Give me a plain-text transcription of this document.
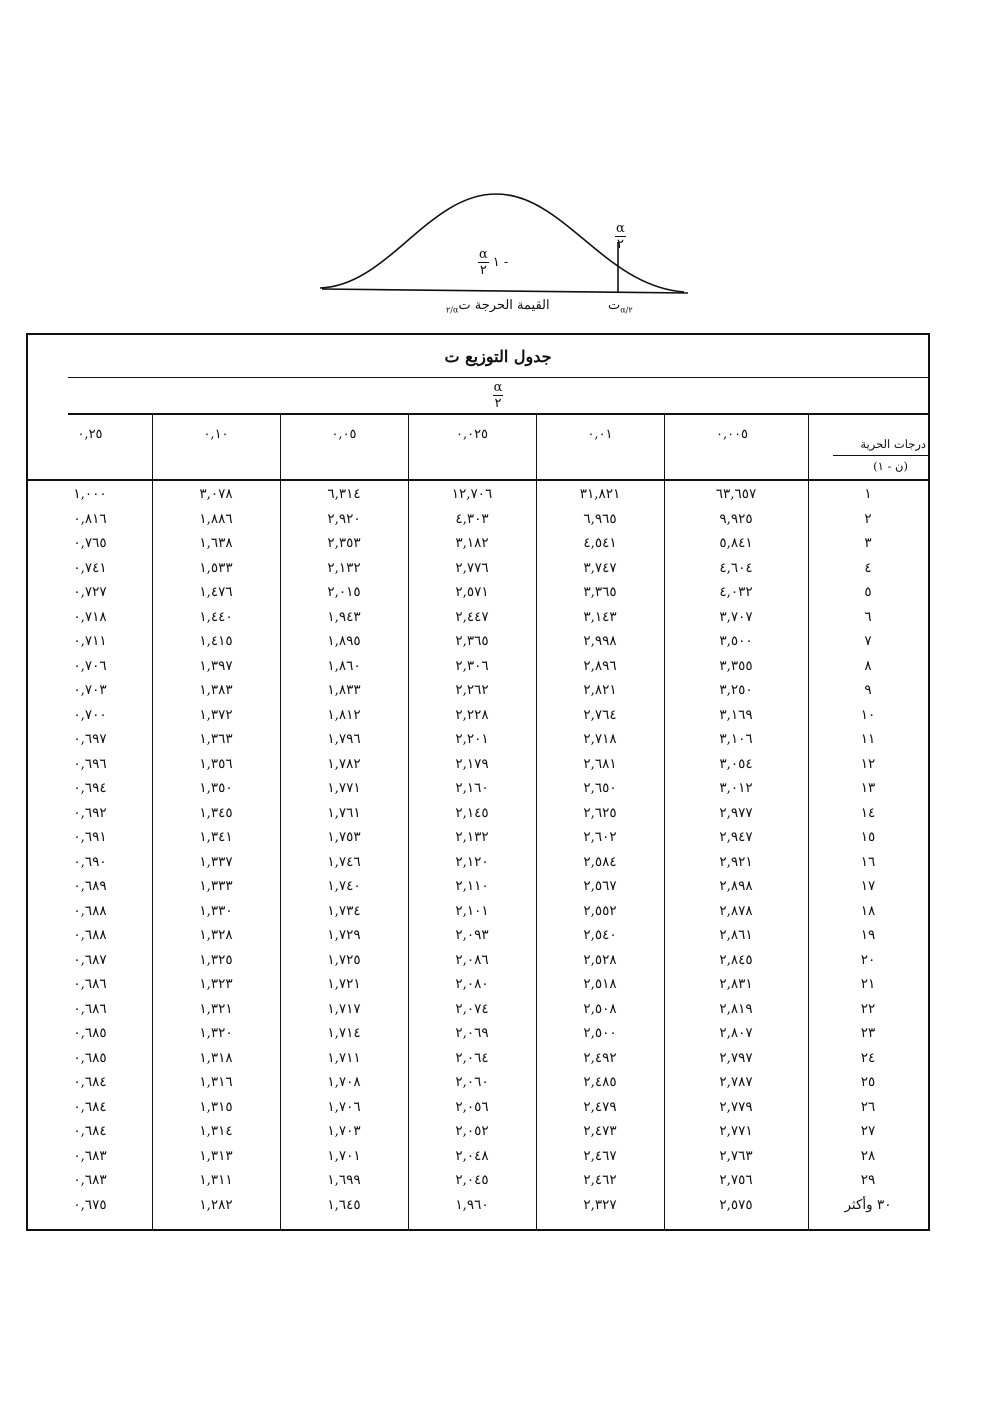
$\frac{\alpha}{٢}$
$\frac{\alpha}{٢}$ ١ -
ت$_{\alpha/٢}$
القيمة الحرجة ت$_{\alpha/٢}$
جدول التوزيع ت
$\frac{\alpha}{٢}$
٠,٢٥	٠,١٠	٠,٠٥	٠,٠٢٥	٠,٠١	٠,٠٠٥
درجات الحرية
(ن - ١)
١,٠٠٠	٣,٠٧٨	٦,٣١٤	١٢,٧٠٦	٣١,٨٢١	٦٣,٦٥٧	١
٠,٨١٦	١,٨٨٦	٢,٩٢٠	٤,٣٠٣	٦,٩٦٥	٩,٩٢٥	٢
٠,٧٦٥	١,٦٣٨	٢,٣٥٣	٣,١٨٢	٤,٥٤١	٥,٨٤١	٣
٠,٧٤١	١,٥٣٣	٢,١٣٢	٢,٧٧٦	٣,٧٤٧	٤,٦٠٤	٤
٠,٧٢٧	١,٤٧٦	٢,٠١٥	٢,٥٧١	٣,٣٦٥	٤,٠٣٢	٥
٠,٧١٨	١,٤٤٠	١,٩٤٣	٢,٤٤٧	٣,١٤٣	٣,٧٠٧	٦
٠,٧١١	١,٤١٥	١,٨٩٥	٢,٣٦٥	٢,٩٩٨	٣,٥٠٠	٧
٠,٧٠٦	١,٣٩٧	١,٨٦٠	٢,٣٠٦	٢,٨٩٦	٣,٣٥٥	٨
٠,٧٠٣	١,٣٨٣	١,٨٣٣	٢,٢٦٢	٢,٨٢١	٣,٢٥٠	٩
٠,٧٠٠	١,٣٧٢	١,٨١٢	٢,٢٢٨	٢,٧٦٤	٣,١٦٩	١٠
٠,٦٩٧	١,٣٦٣	١,٧٩٦	٢,٢٠١	٢,٧١٨	٣,١٠٦	١١
٠,٦٩٦	١,٣٥٦	١,٧٨٢	٢,١٧٩	٢,٦٨١	٣,٠٥٤	١٢
٠,٦٩٤	١,٣٥٠	١,٧٧١	٢,١٦٠	٢,٦٥٠	٣,٠١٢	١٣
٠,٦٩٢	١,٣٤٥	١,٧٦١	٢,١٤٥	٢,٦٢٥	٢,٩٧٧	١٤
٠,٦٩١	١,٣٤١	١,٧٥٣	٢,١٣٢	٢,٦٠٢	٢,٩٤٧	١٥
٠,٦٩٠	١,٣٣٧	١,٧٤٦	٢,١٢٠	٢,٥٨٤	٢,٩٢١	١٦
٠,٦٨٩	١,٣٣٣	١,٧٤٠	٢,١١٠	٢,٥٦٧	٢,٨٩٨	١٧
٠,٦٨٨	١,٣٣٠	١,٧٣٤	٢,١٠١	٢,٥٥٢	٢,٨٧٨	١٨
٠,٦٨٨	١,٣٢٨	١,٧٢٩	٢,٠٩٣	٢,٥٤٠	٢,٨٦١	١٩
٠,٦٨٧	١,٣٢٥	١,٧٢٥	٢,٠٨٦	٢,٥٢٨	٢,٨٤٥	٢٠
٠,٦٨٦	١,٣٢٣	١,٧٢١	٢,٠٨٠	٢,٥١٨	٢,٨٣١	٢١
٠,٦٨٦	١,٣٢١	١,٧١٧	٢,٠٧٤	٢,٥٠٨	٢,٨١٩	٢٢
٠,٦٨٥	١,٣٢٠	١,٧١٤	٢,٠٦٩	٢,٥٠٠	٢,٨٠٧	٢٣
٠,٦٨٥	١,٣١٨	١,٧١١	٢,٠٦٤	٢,٤٩٢	٢,٧٩٧	٢٤
٠,٦٨٤	١,٣١٦	١,٧٠٨	٢,٠٦٠	٢,٤٨٥	٢,٧٨٧	٢٥
٠,٦٨٤	١,٣١٥	١,٧٠٦	٢,٠٥٦	٢,٤٧٩	٢,٧٧٩	٢٦
٠,٦٨٤	١,٣١٤	١,٧٠٣	٢,٠٥٢	٢,٤٧٣	٢,٧٧١	٢٧
٠,٦٨٣	١,٣١٣	١,٧٠١	٢,٠٤٨	٢,٤٦٧	٢,٧٦٣	٢٨
٠,٦٨٣	١,٣١١	١,٦٩٩	٢,٠٤٥	٢,٤٦٢	٢,٧٥٦	٢٩
٠,٦٧٥	١,٢٨٢	١,٦٤٥	١,٩٦٠	٢,٣٢٧	٢,٥٧٥	٣٠ وأكثر
